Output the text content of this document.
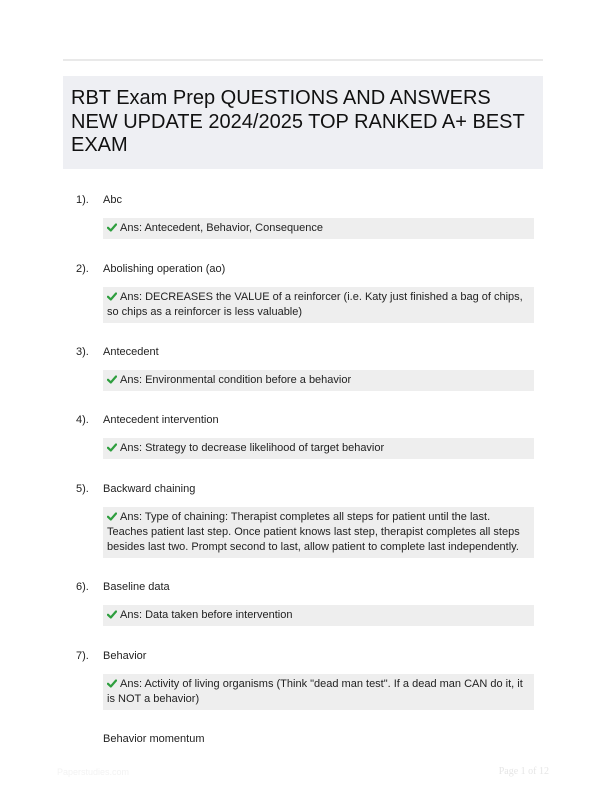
RBT Exam Prep QUESTIONS AND ANSWERS NEW UPDATE 2024/2025 TOP RANKED A+ BEST EXAM
1). Abc
Ans: Antecedent, Behavior, Consequence
2). Abolishing operation (ao)
Ans: DECREASES the VALUE of a reinforcer (i.e. Katy just finished a bag of chips, so chips as a reinforcer is less valuable)
3). Antecedent
Ans: Environmental condition before a behavior
4). Antecedent intervention
Ans: Strategy to decrease likelihood of target behavior
5). Backward chaining
Ans: Type of chaining: Therapist completes all steps for patient until the last. Teaches patient last step. Once patient knows last step, therapist completes all steps besides last two. Prompt second to last, allow patient to complete last independently.
6). Baseline data
Ans: Data taken before intervention
7). Behavior
Ans: Activity of living organisms (Think "dead man test". If a dead man CAN do it, it is NOT a behavior)
Behavior momentum
Paperstudies.com	Page 1 of 12
